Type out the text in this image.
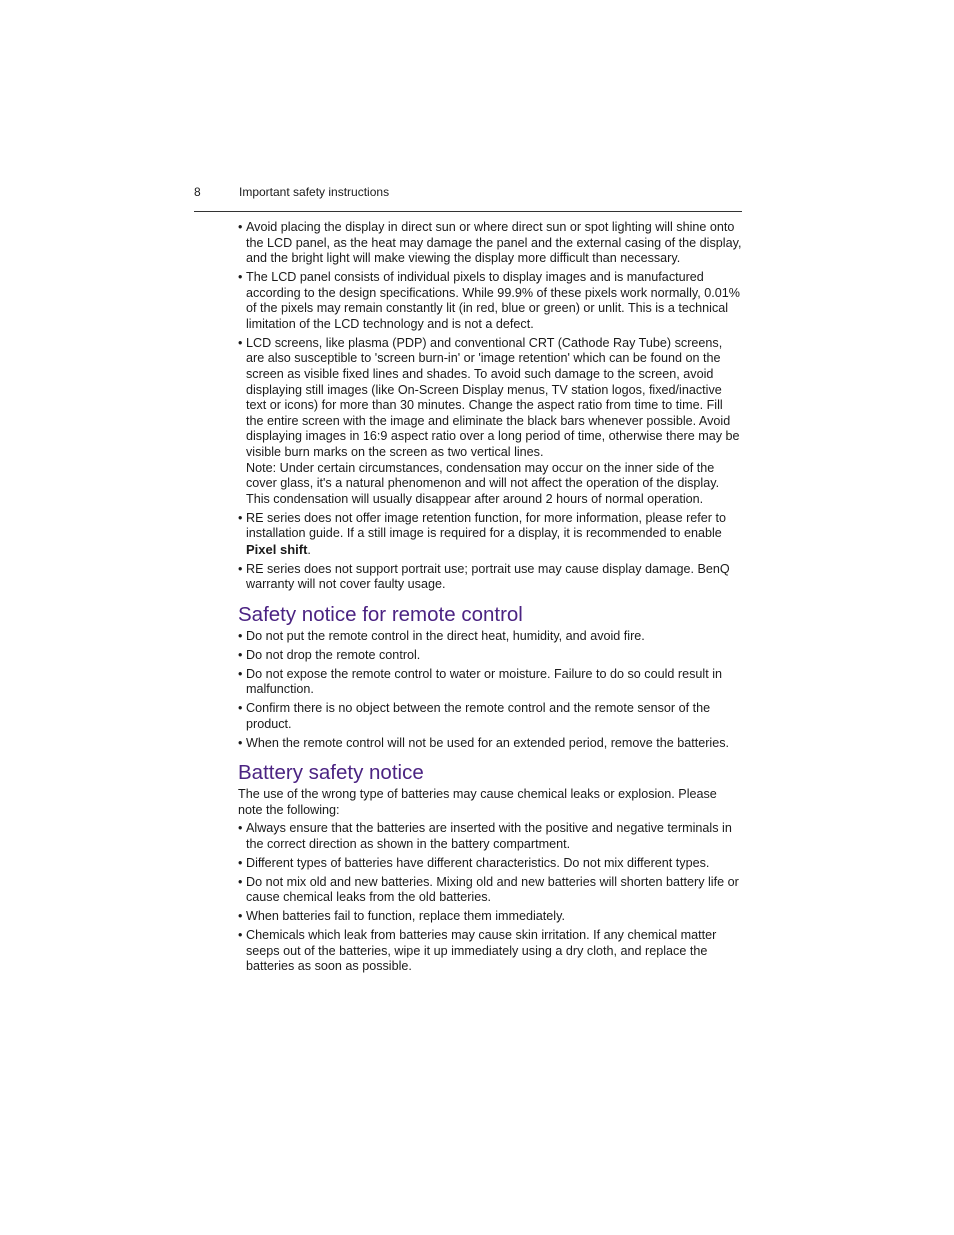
8	Important safety instructions
• Avoid placing the display in direct sun or where direct sun or spot lighting will shine onto the LCD panel, as the heat may damage the panel and the external casing of the display, and the bright light will make viewing the display more difficult than necessary.
• The LCD panel consists of individual pixels to display images and is manufactured according to the design specifications. While 99.9% of these pixels work normally, 0.01% of the pixels may remain constantly lit (in red, blue or green) or unlit. This is a technical limitation of the LCD technology and is not a defect.
• LCD screens, like plasma (PDP) and conventional CRT (Cathode Ray Tube) screens, are also susceptible to 'screen burn-in' or 'image retention' which can be found on the screen as visible fixed lines and shades. To avoid such damage to the screen, avoid displaying still images (like On-Screen Display menus, TV station logos, fixed/inactive text or icons) for more than 30 minutes. Change the aspect ratio from time to time. Fill the entire screen with the image and eliminate the black bars whenever possible. Avoid displaying images in 16:9 aspect ratio over a long period of time, otherwise there may be visible burn marks on the screen as two vertical lines.
Note: Under certain circumstances, condensation may occur on the inner side of the cover glass, it's a natural phenomenon and will not affect the operation of the display. This condensation will usually disappear after around 2 hours of normal operation.
• RE series does not offer image retention function, for more information, please refer to installation guide. If a still image is required for a display, it is recommended to enable Pixel shift.
• RE series does not support portrait use; portrait use may cause display damage. BenQ warranty will not cover faulty usage.
Safety notice for remote control
• Do not put the remote control in the direct heat, humidity, and avoid fire.
• Do not drop the remote control.
• Do not expose the remote control to water or moisture. Failure to do so could result in malfunction.
• Confirm there is no object between the remote control and the remote sensor of the product.
• When the remote control will not be used for an extended period, remove the batteries.
Battery safety notice

The use of the wrong type of batteries may cause chemical leaks or explosion. Please note the following:

• Always ensure that the batteries are inserted with the positive and negative terminals in the correct direction as shown in the battery compartment.
• Different types of batteries have different characteristics. Do not mix different types.
• Do not mix old and new batteries. Mixing old and new batteries will shorten battery life or cause chemical leaks from the old batteries.
• When batteries fail to function, replace them immediately.
• Chemicals which leak from batteries may cause skin irritation. If any chemical matter seeps out of the batteries, wipe it up immediately using a dry cloth, and replace the batteries as soon as possible.
